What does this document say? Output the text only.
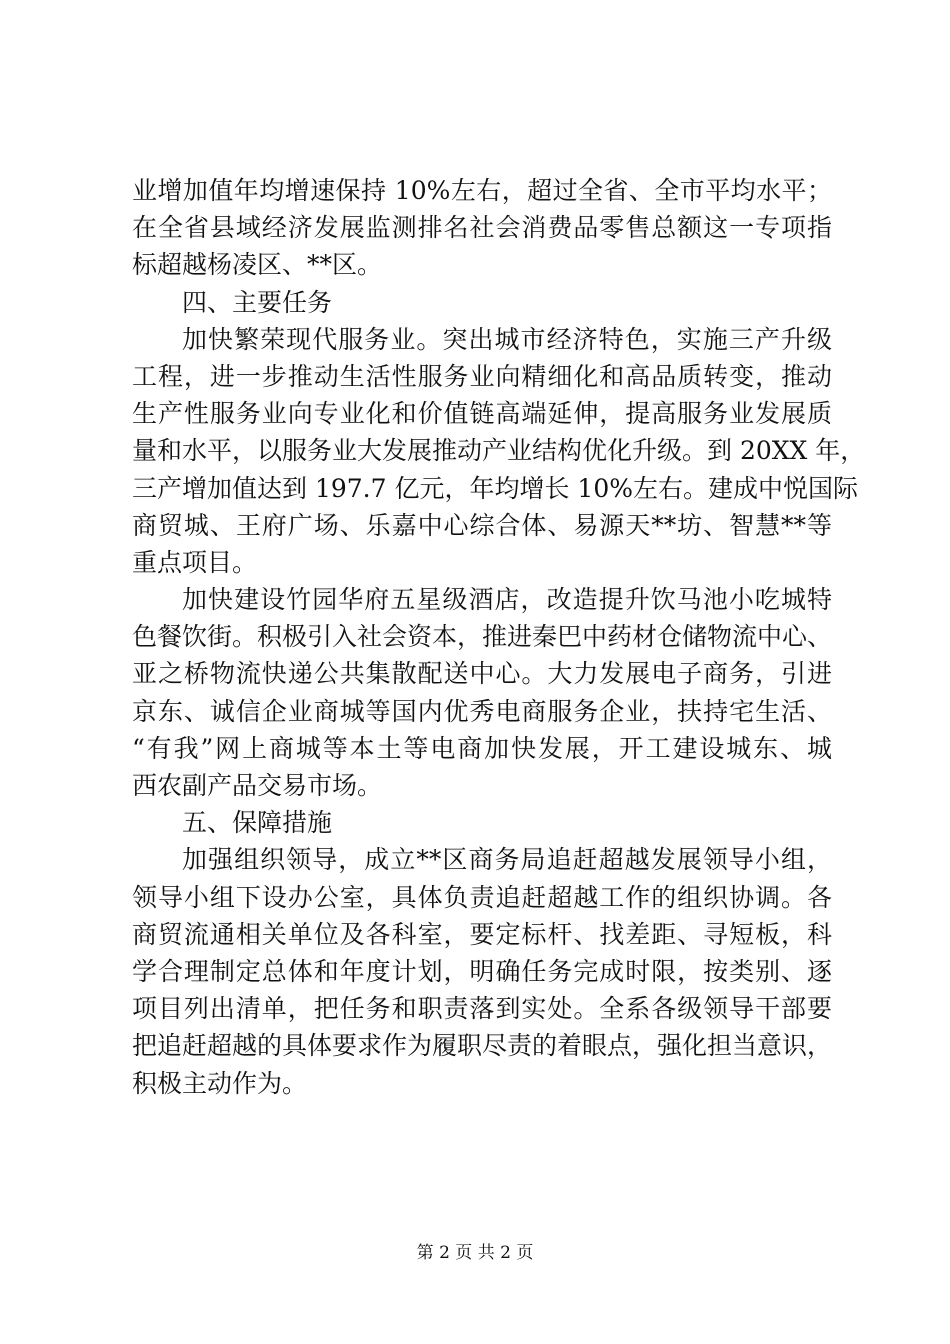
业增加值年均增速保持 10%左右，超过全省、全市平均水平；
在全省县域经济发展监测排名社会消费品零售总额这一专项指
标超越杨凌区、**区。
四、主要任务
加快繁荣现代服务业。突出城市经济特色，实施三产升级
工程，进一步推动生活性服务业向精细化和高品质转变，推动
生产性服务业向专业化和价值链高端延伸，提高服务业发展质
量和水平，以服务业大发展推动产业结构优化升级。到 20XX 年，
三产增加值达到 197.7 亿元，年均增长 10%左右。建成中悦国际
商贸城、王府广场、乐嘉中心综合体、易源天**坊、智慧**等
重点项目。
加快建设竹园华府五星级酒店，改造提升饮马池小吃城特
色餐饮街。积极引入社会资本，推进秦巴中药材仓储物流中心、
亚之桥物流快递公共集散配送中心。大力发展电子商务，引进
京东、诚信企业商城等国内优秀电商服务企业，扶持宅生活、
“有我”网上商城等本土等电商加快发展，开工建设城东、城
西农副产品交易市场。
五、保障措施
加强组织领导，成立**区商务局追赶超越发展领导小组，
领导小组下设办公室，具体负责追赶超越工作的组织协调。各
商贸流通相关单位及各科室，要定标杆、找差距、寻短板，科
学合理制定总体和年度计划，明确任务完成时限，按类别、逐
项目列出清单，把任务和职责落到实处。全系各级领导干部要
把追赶超越的具体要求作为履职尽责的着眼点，强化担当意识，
积极主动作为。
第 2 页 共 2 页
